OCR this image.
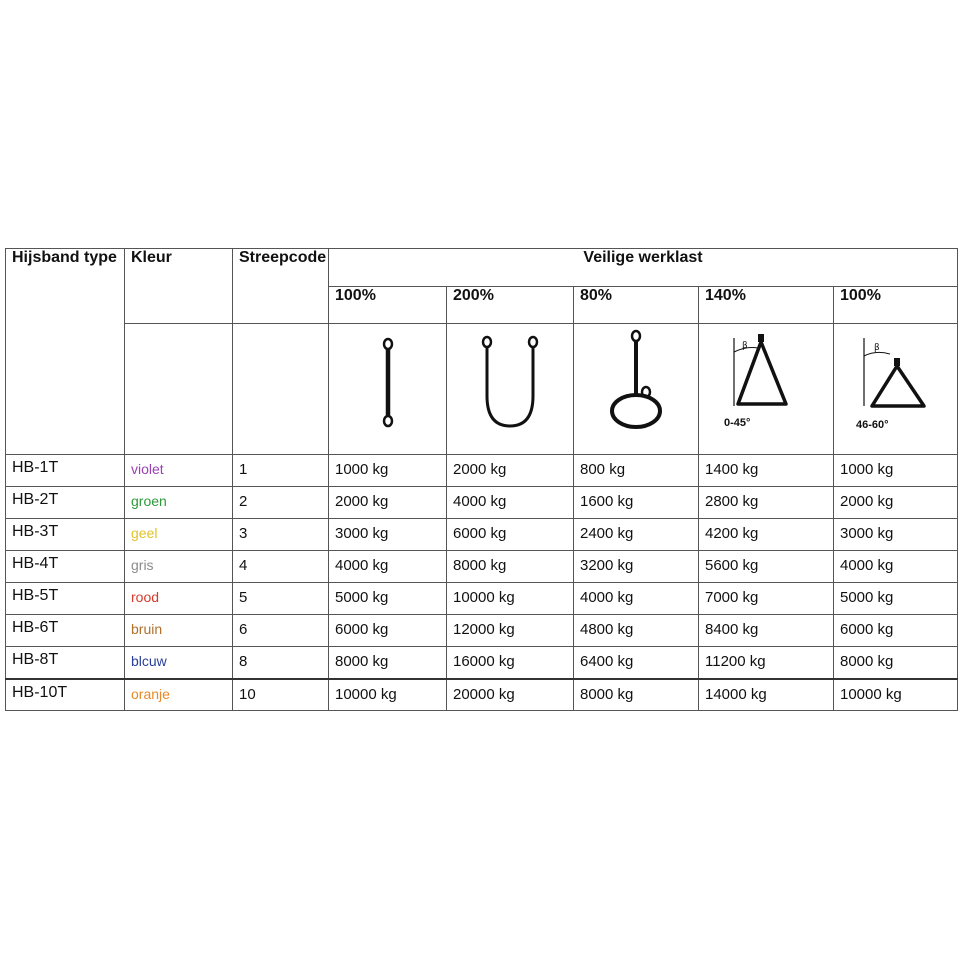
Hijsband type	Kleur	Streepcode	Veilige werklast				
			100%	200%	80%	140%	100%

β
0-45°	β
46-60°

HB-1T	violet	1	1000 kg	2000 kg	800 kg	1400 kg	1000 kg
HB-2T	groen	2	2000 kg	4000 kg	1600 kg	2800 kg	2000 kg
HB-3T	geel	3	3000 kg	6000 kg	2400 kg	4200 kg	3000 kg
HB-4T	gris	4	4000 kg	8000 kg	3200 kg	5600 kg	4000 kg
HB-5T	rood	5	5000 kg	10000 kg	4000 kg	7000 kg	5000 kg
HB-6T	bruin	6	6000 kg	12000 kg	4800 kg	8400 kg	6000 kg
HB-8T	blcuw	8	8000 kg	16000 kg	6400 kg	11200 kg	8000 kg
HB-10T	oranje	10	10000 kg	20000 kg	8000 kg	14000 kg	10000 kg
